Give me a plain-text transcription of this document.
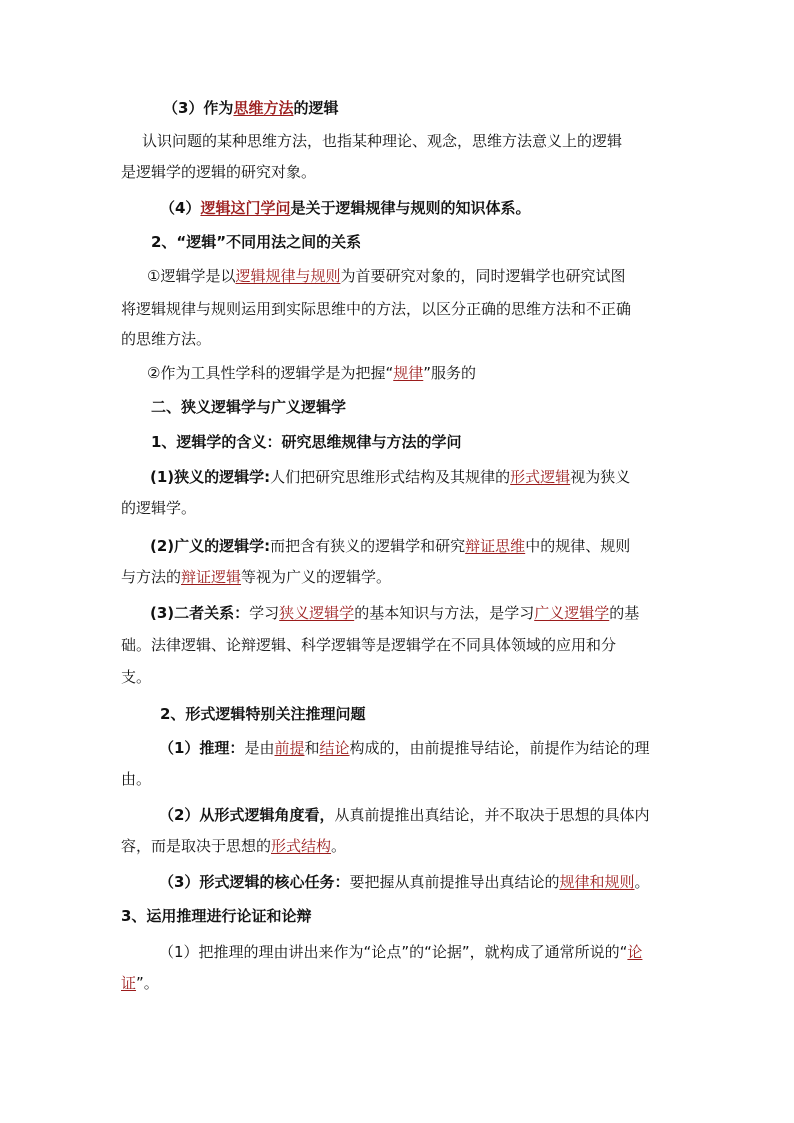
（3）作为思维方法的逻辑
认识问题的某种思维方法，也指某种理论、观念，思维方法意义上的逻辑
是逻辑学的逻辑的研究对象。
（4）逻辑这门学问是关于逻辑规律与规则的知识体系。
2、“逻辑”不同用法之间的关系
①逻辑学是以逻辑规律与规则为首要研究对象的，同时逻辑学也研究试图
将逻辑规律与规则运用到实际思维中的方法，以区分正确的思维方法和不正确
的思维方法。
②作为工具性学科的逻辑学是为把握“规律”服务的
二、狭义逻辑学与广义逻辑学
1、逻辑学的含义：研究思维规律与方法的学问
(1)狭义的逻辑学:人们把研究思维形式结构及其规律的形式逻辑视为狭义
的逻辑学。
(2)广义的逻辑学:而把含有狭义的逻辑学和研究辩证思维中的规律、规则
与方法的辩证逻辑等视为广义的逻辑学。
(3)二者关系：学习狭义逻辑学的基本知识与方法，是学习广义逻辑学的基
础。法律逻辑、论辩逻辑、科学逻辑等是逻辑学在不同具体领域的应用和分
支。
2、形式逻辑特别关注推理问题
（1）推理：是由前提和结论构成的，由前提推导结论，前提作为结论的理
由。
（2）从形式逻辑角度看，从真前提推出真结论，并不取决于思想的具体内
容，而是取决于思想的形式结构。
（3）形式逻辑的核心任务：要把握从真前提推导出真结论的规律和规则。
3、运用推理进行论证和论辩
（1）把推理的理由讲出来作为“论点”的“论据”，就构成了通常所说的“论
证”。
